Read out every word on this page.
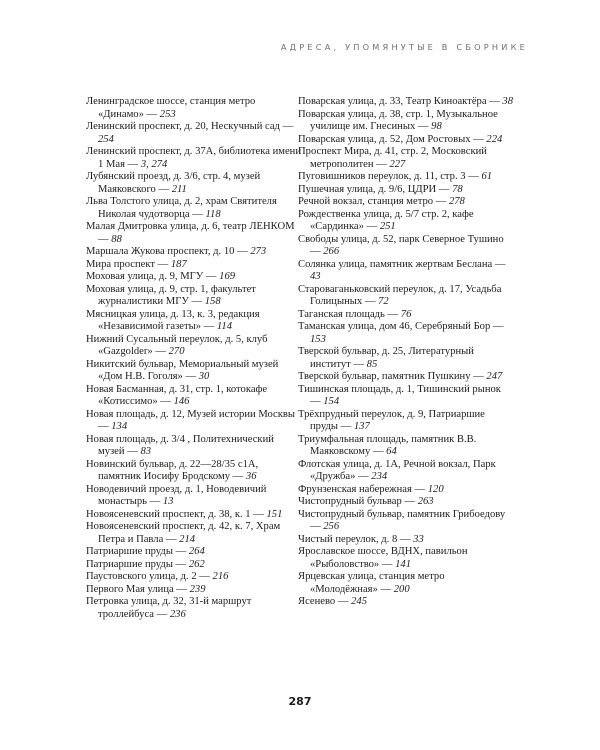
АДРЕСА, УПОМЯНУТЫЕ В СБОРНИКЕ

Ленинградское шоссе, станция метро «Динамо» — 253

Ленинский проспект, д. 20, Нескучный сад — 254

Ленинский проспект, д. 37А, библиотека имени 1 Мая — 3, 274

Лубянский проезд, д. 3/6, стр. 4, музей Маяковского — 211

Льва Толстого улица, д. 2, храм Святителя Николая чудотворца — 118

Малая Дмитровка улица, д. 6, театр ЛЕНКОМ — 88

Маршала Жукова проспект, д. 10 — 273

Мира проспект — 187

Моховая улица, д. 9, МГУ — 169

Моховая улица, д. 9, стр. 1, факультет журналистики МГУ — 158

Мясницкая улица, д. 13, к. 3, редакция «Независимой газеты» — 114

Нижний Сусальный переулок, д. 5, клуб «Gazgolder» — 270

Никитский бульвар, Мемориальный музей «Дом Н.В. Гоголя» — 30

Новая Басманная, д. 31, стр. 1, котокафе «Котиссимо» — 146

Новая площадь, д. 12, Музей истории Москвы — 134

Новая площадь, д. 3/4 , Политехнический музей — 83

Новинский бульвар, д. 22—28/35 с1А, памятник Иосифу Бродскому — 36

Новодевичий проезд, д. 1, Новодевичий монастырь — 13

Новоясеневский проспект, д. 38, к. 1 — 151

Новоясеневский проспект, д. 42, к. 7, Храм Петра и Павла — 214

Патриаршие пруды — 264

Патриаршие пруды — 262

Паустовского улица, д. 2 — 216

Первого Мая улица — 239

Петровка улица, д. 32, 31-й маршрут троллейбуса — 236

Поварская улица, д. 33, Театр Киноактёра — 38

Поварская улица, д. 38, стр. 1, Музыкальное училище им. Гнесиных — 98

Поварская улица, д. 52, Дом Ростовых — 224

Проспект Мира, д. 41, стр. 2, Московский метрополитен — 227

Пуговишников переулок, д. 11, стр. 3 — 61

Пушечная улица, д. 9/6, ЦДРИ — 78

Речной вокзал, станция метро — 278

Рождественка улица, д. 5/7 стр. 2, кафе «Сардинка» — 251

Свободы улица, д. 52, парк Северное Тушино — 266

Солянка улица, памятник жертвам Беслана — 43

Староваганьковский переулок, д. 17, Усадьба Голицыных — 72

Таганская площадь — 76

Таманская улица, дом 46, Серебряный Бор — 153

Тверской бульвар, д. 25, Литературный институт — 85

Тверской бульвар, памятник Пушкину — 247

Тишинская площадь, д. 1, Тишинский рынок — 154

Трёхпрудный переулок, д. 9, Патриаршие пруды — 137

Триумфальная площадь, памятник В.В. Маяковскому — 64

Флотская улица, д. 1А, Речной вокзал, Парк «Дружба» — 234

Фрунзенская набережная — 120

Чистопрудный бульвар — 263

Чистопрудный бульвар, памятник Грибоедову — 256

Чистый переулок, д. 8 — 33

Ярославское шоссе, ВДНХ, павильон «Рыболовство» — 141

Ярцевская улица, станция метро «Молодёжная» — 200

Ясенево — 245

287
